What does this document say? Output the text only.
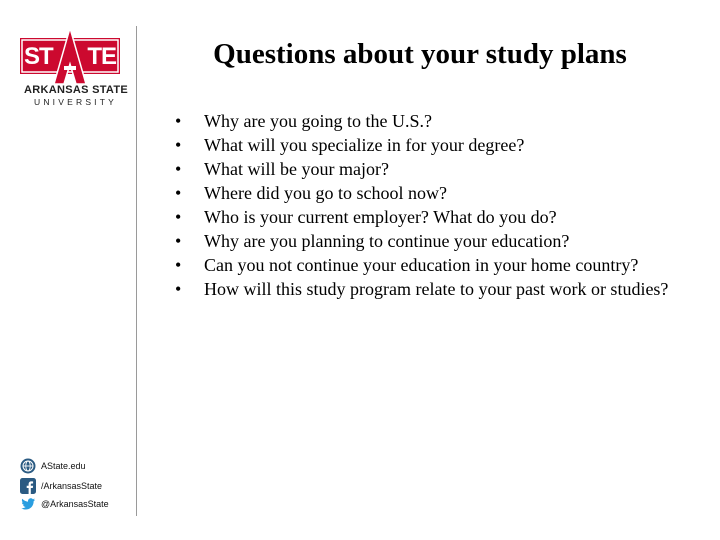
ST TE
ARKANSAS STATE
UNIVERSITY
Questions about your study plans
• Why are you going to the U.S.?
• What will you specialize in for your degree?
• What will be your major?
• Where did you go to school now?
• Who is your current employer? What do you do?
• Why are you planning to continue your education?
• Can you not continue your education in your home country?
• How will this study program relate to your past work or studies?
AState.edu
/ArkansasState
@ArkansasState
